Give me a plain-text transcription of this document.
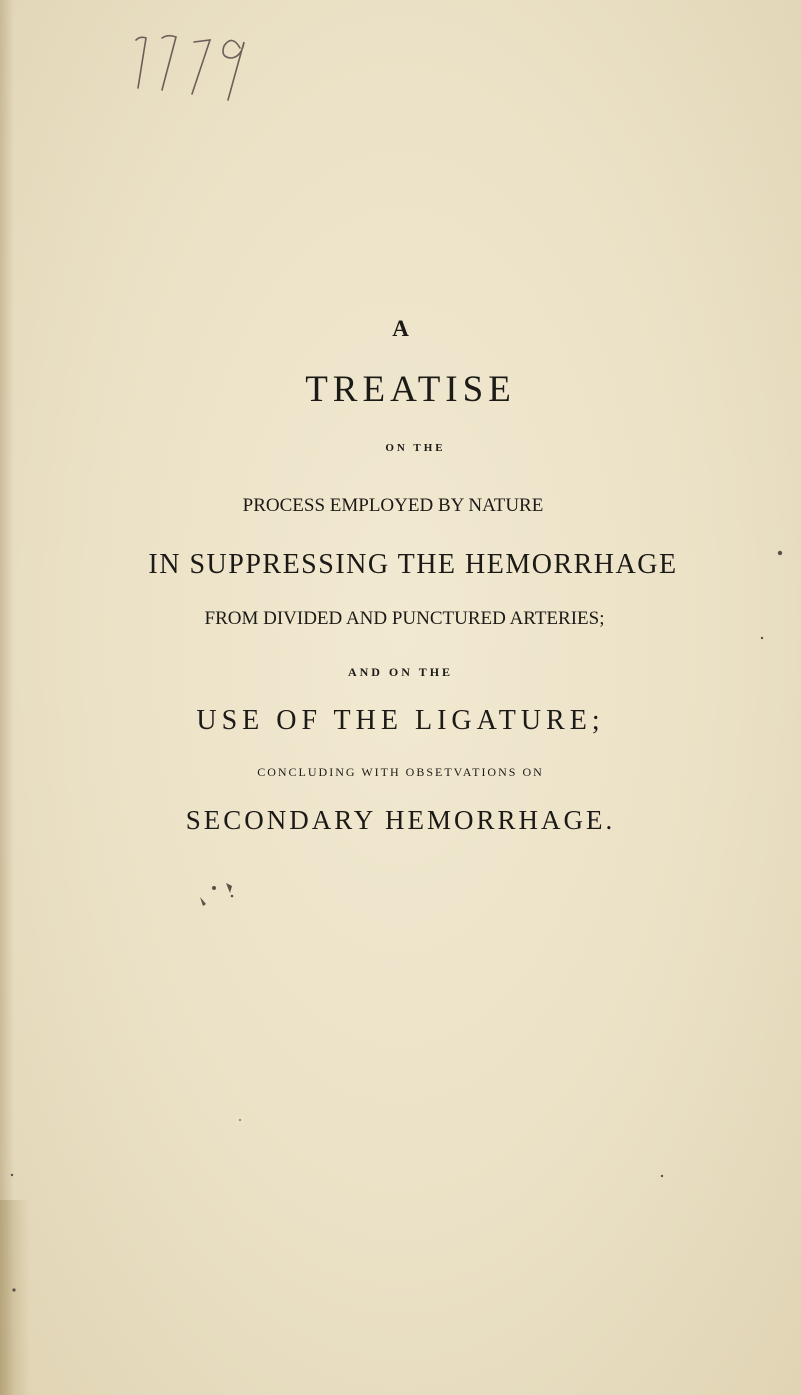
A
TREATISE
ON THE
PROCESS EMPLOYED BY NATURE
IN SUPPRESSING THE HEMORRHAGE
FROM DIVIDED AND PUNCTURED ARTERIES;
AND ON THE
USE OF THE LIGATURE;
CONCLUDING WITH OBSETVATIONS ON
SECONDARY HEMORRHAGE.
